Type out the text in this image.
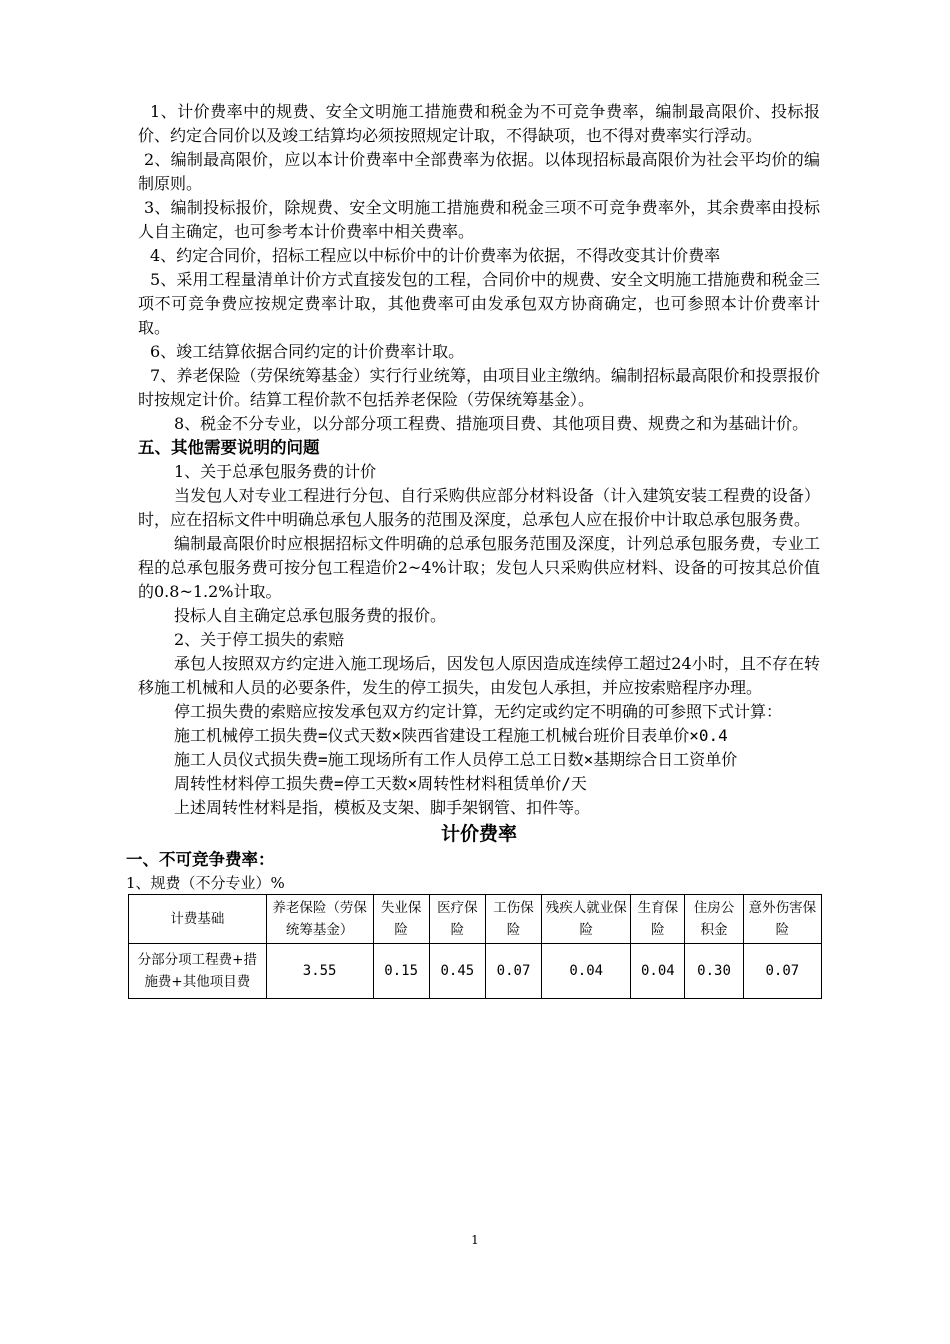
1、计价费率中的规费、安全文明施工措施费和税金为不可竞争费率，编制最高限价、投标报价、约定合同价以及竣工结算均必须按照规定计取，不得缺项，也不得对费率实行浮动。

2、编制最高限价，应以本计价费率中全部费率为依据。以体现招标最高限价为社会平均价的编制原则。

3、编制投标报价，除规费、安全文明施工措施费和税金三项不可竞争费率外，其余费率由投标人自主确定，也可参考本计价费率中相关费率。

4、约定合同价，招标工程应以中标价中的计价费率为依据，不得改变其计价费率

5、采用工程量清单计价方式直接发包的工程，合同价中的规费、安全文明施工措施费和税金三项不可竞争费应按规定费率计取，其他费率可由发承包双方协商确定，也可参照本计价费率计取。

6、竣工结算依据合同约定的计价费率计取。

7、养老保险（劳保统筹基金）实行行业统筹，由项目业主缴纳。编制招标最高限价和投票报价时按规定计价。结算工程价款不包括养老保险（劳保统筹基金）。

8、税金不分专业，以分部分项工程费、措施项目费、其他项目费、规费之和为基础计价。

五、其他需要说明的问题

1、关于总承包服务费的计价

当发包人对专业工程进行分包、自行采购供应部分材料设备（计入建筑安装工程费的设备）时，应在招标文件中明确总承包人服务的范围及深度，总承包人应在报价中计取总承包服务费。

编制最高限价时应根据招标文件明确的总承包服务范围及深度，计列总承包服务费，专业工程的总承包服务费可按分包工程造价2~4%计取；发包人只采购供应材料、设备的可按其总价值的0.8~1.2%计取。

投标人自主确定总承包服务费的报价。

2、关于停工损失的索赔

承包人按照双方约定进入施工现场后，因发包人原因造成连续停工超过24小时，且不存在转移施工机械和人员的必要条件，发生的停工损失，由发包人承担，并应按索赔程序办理。

停工损失费的索赔应按发承包双方约定计算，无约定或约定不明确的可参照下式计算：

施工机械停工损失费=仪式天数×陕西省建设工程施工机械台班价目表单价×0.4

施工人员仪式损失费=施工现场所有工作人员停工总工日数×基期综合日工资单价

周转性材料停工损失费=停工天数×周转性材料租赁单价/天

上述周转性材料是指，模板及支架、脚手架钢管、扣件等。

计价费率
一、不可竞争费率：

1、规费（不分专业）%

计费基础	养老保险（劳保统筹基金）	失业保险	医疗保险	工伤保险	残疾人就业保险	生育保险	住房公积金	意外伤害保险
分部分项工程费+措施费+其他项目费	3.55	0.15	0.45	0.07	0.04	0.04	0.30	0.07
1
